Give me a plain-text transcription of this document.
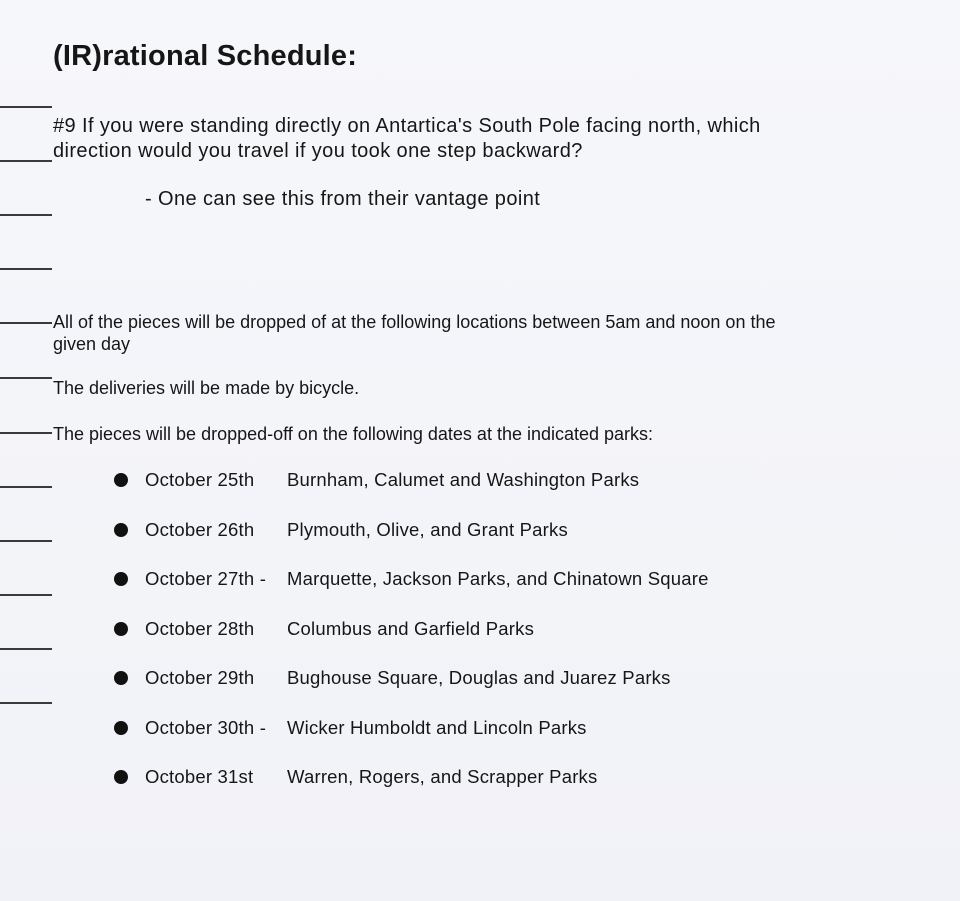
(IR)rational Schedule:
#9 If you were standing directly on Antartica's South Pole facing north, which
direction would you travel if you took one step backward?
- One can see this from their vantage point
All of the pieces will be dropped of at the following locations between 5am and noon on the
given day
The deliveries will be made by bicycle.
The pieces will be dropped-off on the following dates at the indicated parks:
October 25th	Burnham, Calumet and Washington Parks
October 26th	Plymouth, Olive, and Grant Parks
October 27th -	Marquette, Jackson Parks, and Chinatown Square
October 28th	Columbus and Garfield Parks
October 29th	Bughouse Square, Douglas and Juarez Parks
October 30th -	Wicker Humboldt and Lincoln Parks
October 31st	Warren, Rogers, and Scrapper Parks
